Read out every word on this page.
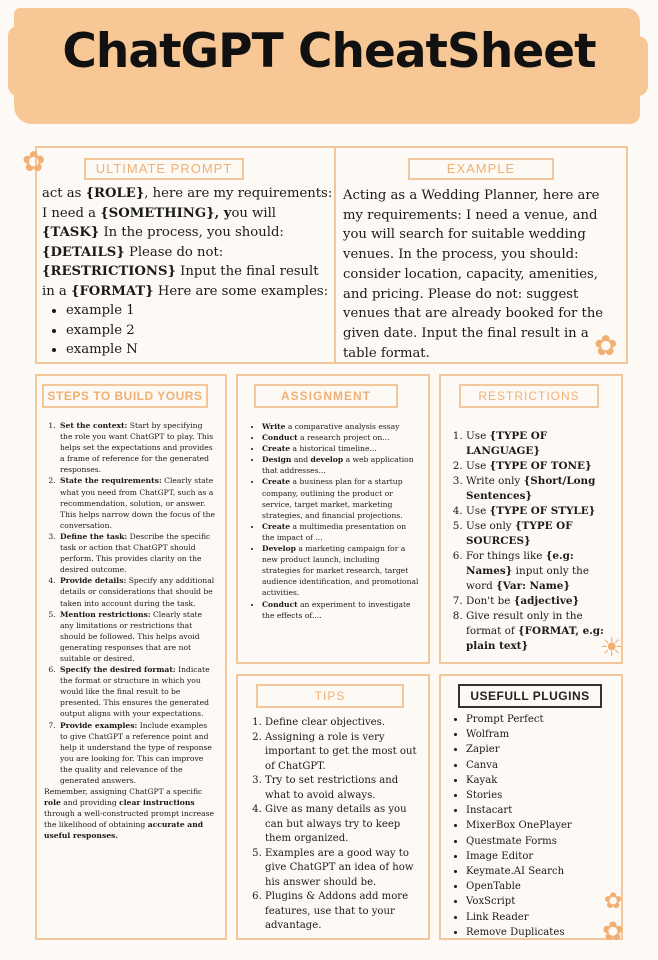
ChatGPT CheatSheet
ULTIMATE PROMPT	EXAMPLE
✿
✿
act as {ROLE}, here are my requirements: I need a {SOMETHING}, you will {TASK} In the process, you should: {DETAILS} Please do not: {RESTRICTIONS} Input the final result in a {FORMAT} Here are some examples:
• example 1
• example 2
• example N
Acting as a Wedding Planner, here are my requirements: I need a venue, and you will search for suitable wedding venues. In the process, you should: consider location, capacity, amenities, and pricing. Please do not: suggest venues that are already booked for the given date. Input the final result in a table format.
STEPS TO BUILD YOURS	ASSIGNMENT	RESTRICTIONS
TIPS	USEFULL PLUGINS
☀
✿
✿
1. Set the context: Start by specifying the role you want ChatGPT to play. This helps set the expectations and provides a frame of reference for the generated responses.
2. State the requirements: Clearly state what you need from ChatGPT, such as a recommendation, solution, or answer. This helps narrow down the focus of the conversation.
3. Define the task: Describe the specific task or action that ChatGPT should perform. This provides clarity on the desired outcome.
4. Provide details: Specify any additional details or considerations that should be taken into account during the task.
5. Mention restrictions: Clearly state any limitations or restrictions that should be followed. This helps avoid generating responses that are not suitable or desired.
6. Specify the desired format: Indicate the format or structure in which you would like the final result to be presented. This ensures the generated output aligns with your expectations.
7. Provide examples: Include examples to give ChatGPT a reference point and help it understand the type of response you are looking for. This can improve the quality and relevance of the generated answers.
Remember, assigning ChatGPT a specific role and providing clear instructions through a well-constructed prompt increase the likelihood of obtaining accurate and useful responses.
• Write a comparative analysis essay
• Conduct a research project on...
• Create a historical timeline...
• Design and develop a web application that addresses...
• Create a business plan for a startup company, outlining the product or service, target market, marketing strategies, and financial projections.
• Create a multimedia presentation on the impact of ...
• Develop a marketing campaign for a new product launch, including strategies for market research, target audience identification, and promotional activities.
• Conduct an experiment to investigate the effects of....
1. Use {TYPE OF LANGUAGE}
2. Use {TYPE OF TONE}
3. Write only {Short/Long Sentences}
4. Use {TYPE OF STYLE}
5. Use only {TYPE OF SOURCES}
6. For things like {e.g: Names} input only the word {Var: Name}
7. Don't be {adjective}
8. Give result only in the format of {FORMAT, e.g: plain text}
1. Define clear objectives.
2. Assigning a role is very important to get the most out of ChatGPT.
3. Try to set restrictions and what to avoid always.
4. Give as many details as you can but always try to keep them organized.
5. Examples are a good way to give ChatGPT an idea of how his answer should be.
6. Plugins & Addons add more features, use that to your advantage.
• Prompt Perfect
• Wolfram
• Zapier
• Canva
• Kayak
• Stories
• Instacart
• MixerBox OnePlayer
• Questmate Forms
• Image Editor
• Keymate.AI Search
• OpenTable
• VoxScript
• Link Reader
• Remove Duplicates
